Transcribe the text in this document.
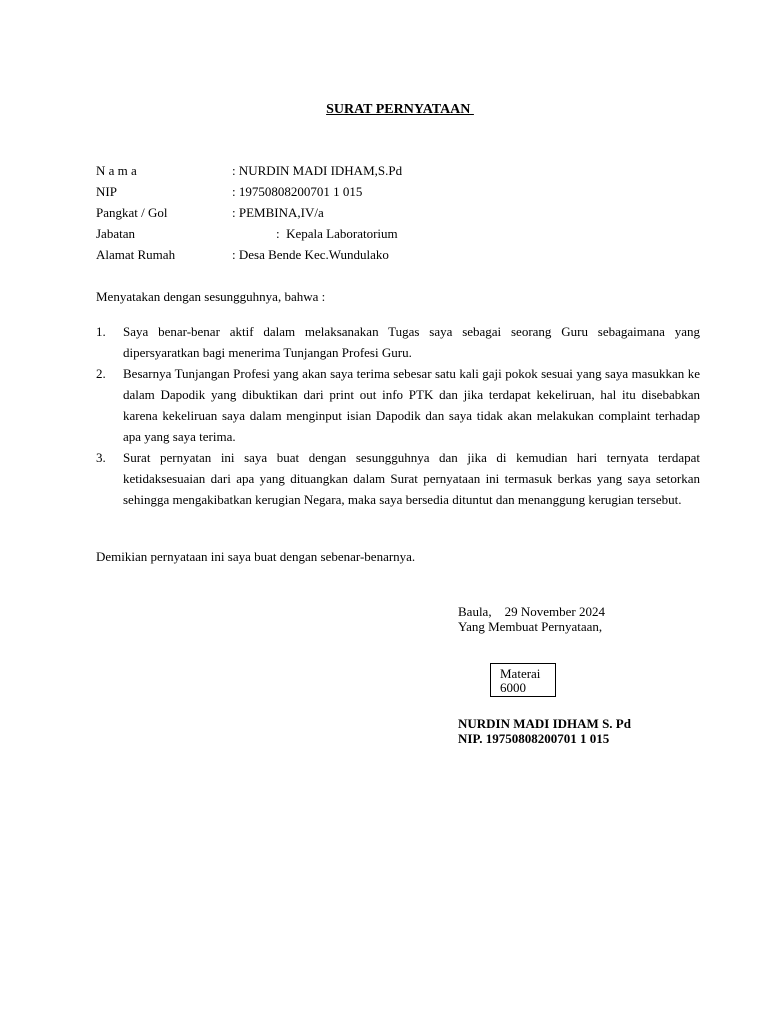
SURAT PERNYATAAN
N a m a	: NURDIN MADI IDHAM,S.Pd
NIP	: 19750808200701 1 015
Pangkat / Gol	: PEMBINA,IV/a
Jabatan	:  Kepala Laboratorium
Alamat Rumah	: Desa Bende Kec.Wundulako
Menyatakan dengan sesungguhnya, bahwa :
1. Saya benar-benar aktif dalam melaksanakan Tugas saya sebagai seorang Guru sebagaimana yang dipersyaratkan bagi menerima Tunjangan Profesi Guru.
2. Besarnya Tunjangan Profesi yang akan saya terima sebesar satu kali gaji pokok sesuai yang saya masukkan ke dalam Dapodik yang dibuktikan dari print out info PTK dan jika terdapat kekeliruan, hal itu disebabkan karena kekeliruan saya dalam menginput isian Dapodik dan saya tidak akan melakukan complaint terhadap apa yang saya terima.
3. Surat pernyatan ini saya buat dengan sesungguhnya dan jika di kemudian hari ternyata terdapat ketidaksesuaian dari apa yang dituangkan dalam Surat pernyataan ini termasuk berkas yang saya setorkan sehingga mengakibatkan kerugian Negara, maka saya bersedia dituntut dan menanggung kerugian tersebut.
Demikian pernyataan ini saya buat dengan sebenar-benarnya.
Baula,    29 November 2024
Yang Membuat Pernyataan,
Materai
6000
NURDIN MADI IDHAM S. Pd
NIP. 19750808200701 1 015
